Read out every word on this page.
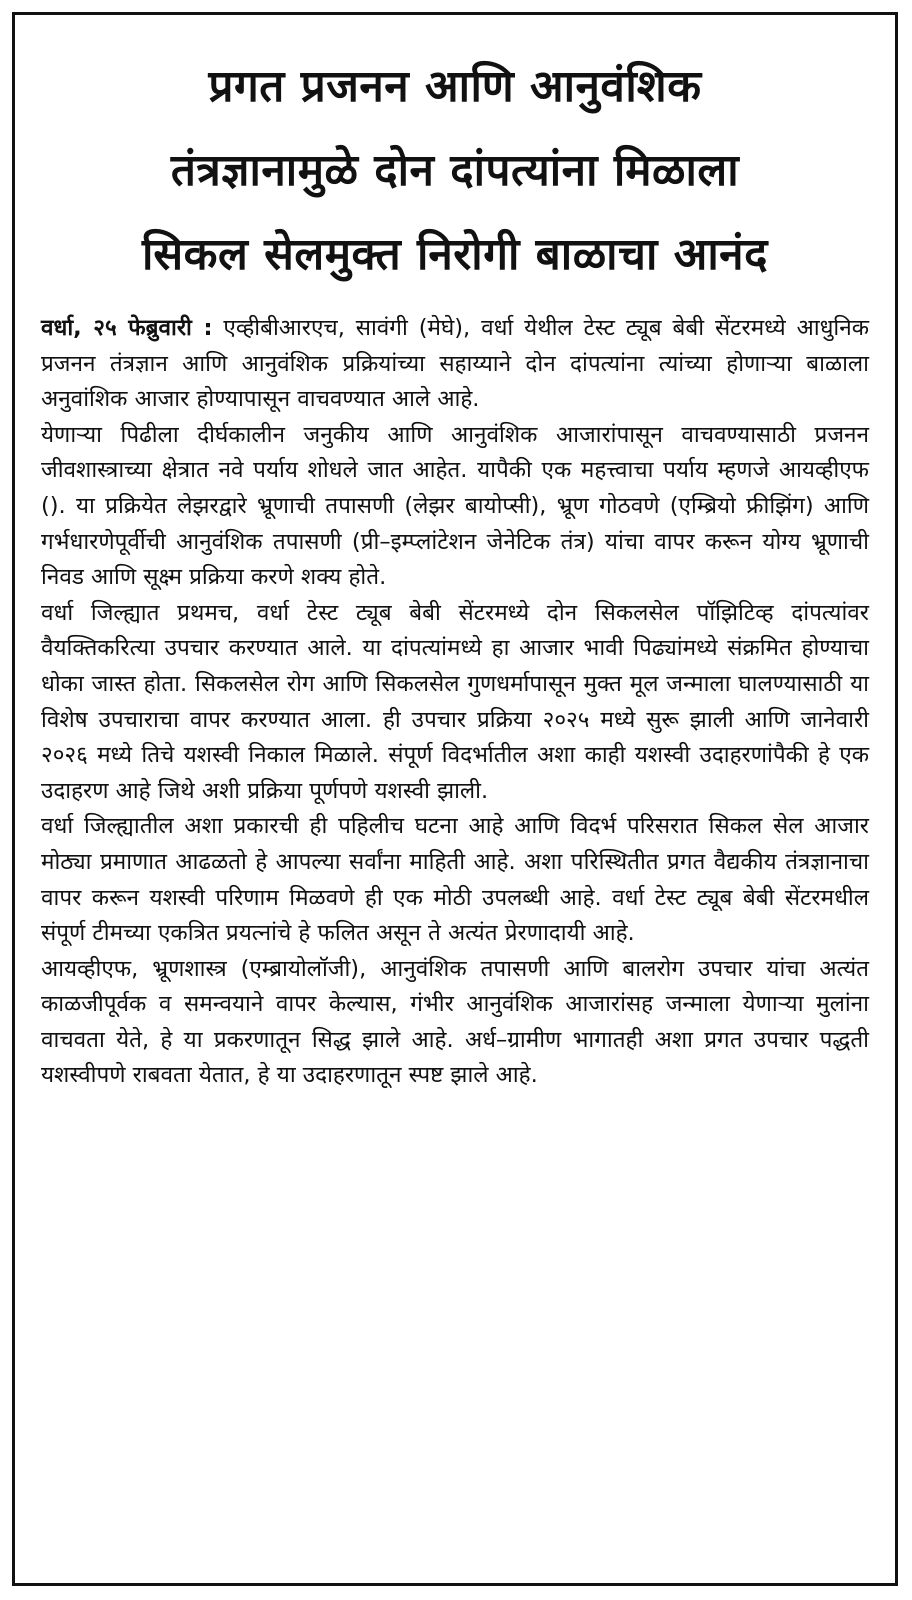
प्रगत प्रजनन आणि आनुवंशिक
तंत्रज्ञानामुळे दोन दांपत्यांना मिळाला
सिकल सेलमुक्त निरोगी बाळाचा आनंद

वर्धा, २५ फेब्रुवारी : एव्हीबीआरएच, सावंगी (मेघे), वर्धा येथील टेस्ट ट्यूब बेबी सेंटरमध्ये आधुनिक प्रजनन तंत्रज्ञान आणि आनुवंशिक प्रक्रियांच्या सहाय्याने दोन दांपत्यांना त्यांच्या होणाऱ्या बाळाला अनुवांशिक आजार होण्यापासून वाचवण्यात आले आहे.

येणाऱ्या पिढीला दीर्घकालीन जनुकीय आणि आनुवंशिक आजारांपासून वाचवण्यासाठी प्रजनन जीवशास्त्राच्या क्षेत्रात नवे पर्याय शोधले जात आहेत. यापैकी एक महत्त्वाचा पर्याय म्हणजे आयव्हीएफ (). या प्रक्रियेत लेझरद्वारे भ्रूणाची तपासणी (लेझर बायोप्सी), भ्रूण गोठवणे (एम्ब्रियो फ्रीझिंग) आणि गर्भधारणेपूर्वीची आनुवंशिक तपासणी (प्री–इम्प्लांटेशन जेनेटिक तंत्र) यांचा वापर करून योग्य भ्रूणाची निवड आणि सूक्ष्म प्रक्रिया करणे शक्य होते.

वर्धा जिल्ह्यात प्रथमच, वर्धा टेस्ट ट्यूब बेबी सेंटरमध्ये दोन सिकलसेल पॉझिटिव्ह दांपत्यांवर वैयक्तिकरित्या उपचार करण्यात आले. या दांपत्यांमध्ये हा आजार भावी पिढ्यांमध्ये संक्रमित होण्याचा धोका जास्त होता. सिकलसेल रोग आणि सिकलसेल गुणधर्मापासून मुक्त मूल जन्माला घालण्यासाठी या विशेष उपचाराचा वापर करण्यात आला. ही उपचार प्रक्रिया २०२५ मध्ये सुरू झाली आणि जानेवारी २०२६ मध्ये तिचे यशस्वी निकाल मिळाले. संपूर्ण विदर्भातील अशा काही यशस्वी उदाहरणांपैकी हे एक उदाहरण आहे जिथे अशी प्रक्रिया पूर्णपणे यशस्वी झाली.

वर्धा जिल्ह्यातील अशा प्रकारची ही पहिलीच घटना आहे आणि विदर्भ परिसरात सिकल सेल आजार मोठ्या प्रमाणात आढळतो हे आपल्या सर्वांना माहिती आहे. अशा परिस्थितीत प्रगत वैद्यकीय तंत्रज्ञानाचा वापर करून यशस्वी परिणाम मिळवणे ही एक मोठी उपलब्धी आहे. वर्धा टेस्ट ट्यूब बेबी सेंटरमधील संपूर्ण टीमच्या एकत्रित प्रयत्नांचे हे फलित असून ते अत्यंत प्रेरणादायी आहे.

आयव्हीएफ, भ्रूणशास्त्र (एम्ब्रायोलॉजी), आनुवंशिक तपासणी आणि बालरोग उपचार यांचा अत्यंत काळजीपूर्वक व समन्वयाने वापर केल्यास, गंभीर आनुवंशिक आजारांसह जन्माला येणाऱ्या मुलांना वाचवता येते, हे या प्रकरणातून सिद्ध झाले आहे. अर्ध–ग्रामीण भागातही अशा प्रगत उपचार पद्धती यशस्वीपणे राबवता येतात, हे या उदाहरणातून स्पष्ट झाले आहे.
